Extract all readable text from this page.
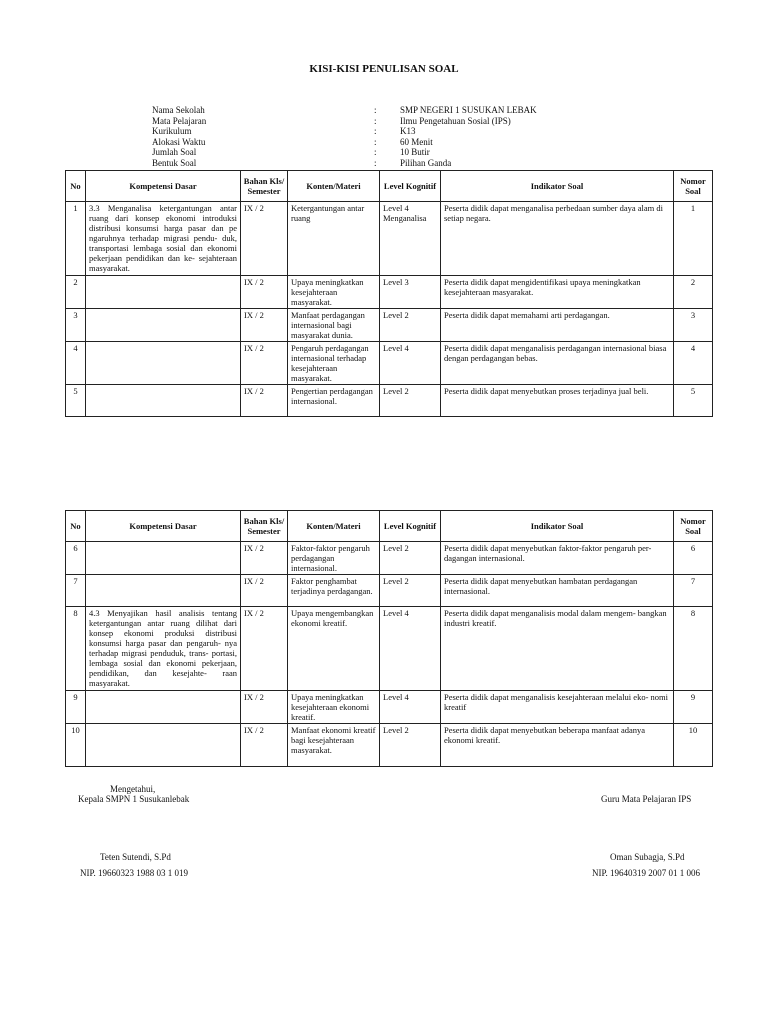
KISI-KISI PENULISAN SOAL
Nama Sekolah	:	SMP NEGERI 1 SUSUKAN LEBAK
Mata Pelajaran	:	Ilmu Pengetahuan Sosial (IPS)
Kurikulum	:	K13
Alokasi Waktu	:	60 Menit
Jumlah Soal	:	10 Butir
Bentuk Soal	:	Pilihan Ganda
No	Kompetensi Dasar	Bahan Kls/ Semester	Konten/Materi	Level Kognitif	Indikator Soal	Nomor Soal
1	3.3 Menganalisa ketergantungan antar ruang dari konsep ekonomi introduksi distribusi konsumsi harga pasar dan pe ngaruhnya terhadap migrasi pendu- duk, transportasi lembaga sosial dan ekonomi pekerjaan pendidikan dan ke- sejahteraan masyarakat.	IX / 2	Ketergantungan antar ruang	Level 4 Menganalisa	Peserta didik dapat menganalisa perbedaan sumber daya alam di setiap negara.	1
2		IX / 2	Upaya meningkatkan kesejahteraan masyarakat.	Level 3	Peserta didik dapat mengidentifikasi upaya meningkatkan kesejahteraan masyarakat.	2
3		IX / 2	Manfaat perdagangan internasional bagi masyarakat dunia.	Level 2	Peserta didik dapat memahami arti perdagangan.	3
4		IX / 2	Pengaruh perdagangan internasional terhadap kesejahteraan masyarakat.	Level 4	Peserta didik dapat menganalisis perdagangan internasional biasa dengan perdagangan bebas.	4
5		IX / 2	Pengertian perdagangan internasional.	Level 2	Peserta didik dapat menyebutkan proses terjadinya jual beli.	5
No	Kompetensi Dasar	Bahan Kls/ Semester	Konten/Materi	Level Kognitif	Indikator Soal	Nomor Soal
6		IX / 2	Faktor-faktor pengaruh perdagangan internasional.	Level 2	Peserta didik dapat menyebutkan faktor-faktor pengaruh per- dagangan internasional.	6
7		IX / 2	Faktor penghambat terjadinya perdagangan.	Level 2	Peserta didik dapat menyebutkan hambatan perdagangan internasional.	7
8	4.3 Menyajikan hasil analisis tentang ketergantungan antar ruang dilihat dari konsep ekonomi produksi distribusi konsumsi harga pasar dan pengaruh- nya terhadap migrasi penduduk, trans- portasi, lembaga sosial dan ekonomi pekerjaan, pendidikan, dan kesejahte- raan masyarakat.	IX / 2	Upaya mengembangkan ekonomi kreatif.	Level 4	Peserta didik dapat menganalisis modal dalam mengem- bangkan industri kreatif.	8
9		IX / 2	Upaya meningkatkan kesejahteraan ekonomi kreatif.	Level 4	Peserta didik dapat menganalisis kesejahteraan melalui eko- nomi kreatif	9
10		IX / 2	Manfaat ekonomi kreatif bagi kesejahteraan masyarakat.	Level 2	Peserta didik dapat menyebutkan beberapa manfaat adanya ekonomi kreatif.	10
Mengetahui,
Kepala SMPN 1 Susukanlebak	Guru Mata Pelajaran IPS
Teten Sutendi, S.Pd	Oman Subagja, S.Pd
NIP. 19660323 1988 03 1 019	NIP. 19640319 2007 01 1 006
